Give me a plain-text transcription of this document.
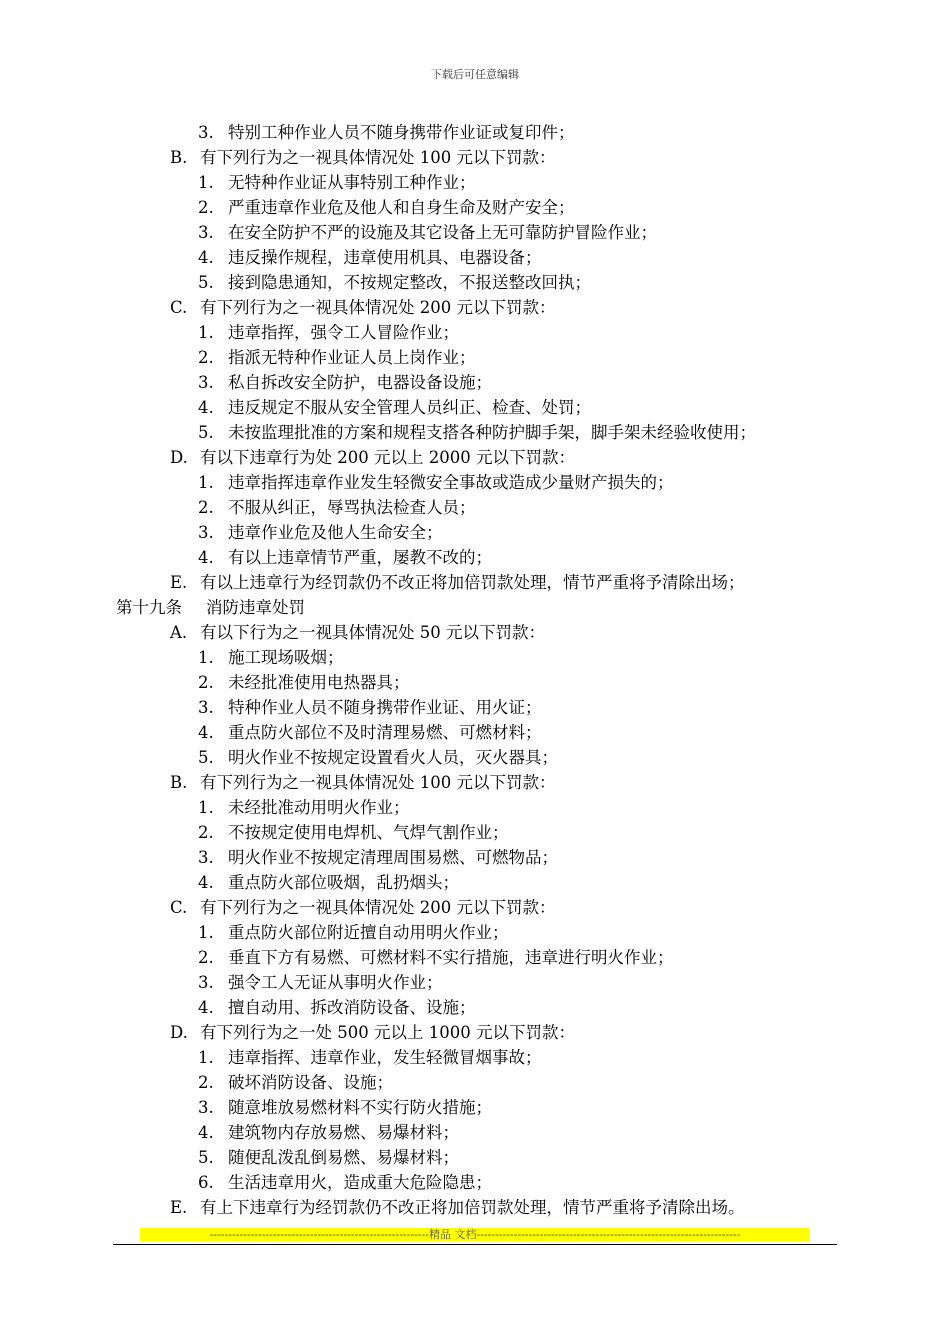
下载后可任意编辑
3. 特别工种作业人员不随身携带作业证或复印件；
B. 有下列行为之一视具体情况处 100 元以下罚款：
1. 无特种作业证从事特别工种作业；
2. 严重违章作业危及他人和自身生命及财产安全；
3. 在安全防护不严的设施及其它设备上无可靠防护冒险作业；
4. 违反操作规程，违章使用机具、电器设备；
5. 接到隐患通知，不按规定整改，不报送整改回执；
C. 有下列行为之一视具体情况处 200 元以下罚款：
1. 违章指挥，强令工人冒险作业；
2. 指派无特种作业证人员上岗作业；
3. 私自拆改安全防护，电器设备设施；
4. 违反规定不服从安全管理人员纠正、检查、处罚；
5. 未按监理批准的方案和规程支搭各种防护脚手架，脚手架未经验收使用；
D. 有以下违章行为处 200 元以上 2000 元以下罚款：
1. 违章指挥违章作业发生轻微安全事故或造成少量财产损失的；
2. 不服从纠正，辱骂执法检查人员；
3. 违章作业危及他人生命安全；
4. 有以上违章情节严重，屡教不改的；
E. 有以上违章行为经罚款仍不改正将加倍罚款处理，情节严重将予清除出场；
第十九条 消防违章处罚
A. 有以下行为之一视具体情况处 50 元以下罚款：
1. 施工现场吸烟；
2. 未经批准使用电热器具；
3. 特种作业人员不随身携带作业证、用火证；
4. 重点防火部位不及时清理易燃、可燃材料；
5. 明火作业不按规定设置看火人员，灭火器具；
B. 有下列行为之一视具体情况处 100 元以下罚款：
1. 未经批准动用明火作业；
2. 不按规定使用电焊机、气焊气割作业；
3. 明火作业不按规定清理周围易燃、可燃物品；
4. 重点防火部位吸烟，乱扔烟头；
C. 有下列行为之一视具体情况处 200 元以下罚款：
1. 重点防火部位附近擅自动用明火作业；
2. 垂直下方有易燃、可燃材料不实行措施，违章进行明火作业；
3. 强令工人无证从事明火作业；
4. 擅自动用、拆改消防设备、设施；
D. 有下列行为之一处 500 元以上 1000 元以下罚款：
1. 违章指挥、违章作业，发生轻微冒烟事故；
2. 破坏消防设备、设施；
3. 随意堆放易燃材料不实行防火措施；
4. 建筑物内存放易燃、易爆材料；
5. 随便乱泼乱倒易燃、易爆材料；
6. 生活违章用火，造成重大危险隐患；
E. 有上下违章行为经罚款仍不改正将加倍罚款处理，情节严重将予清除出场。
-----------------------------------------------------------精品 文档-----------------------------------------------------------------------
